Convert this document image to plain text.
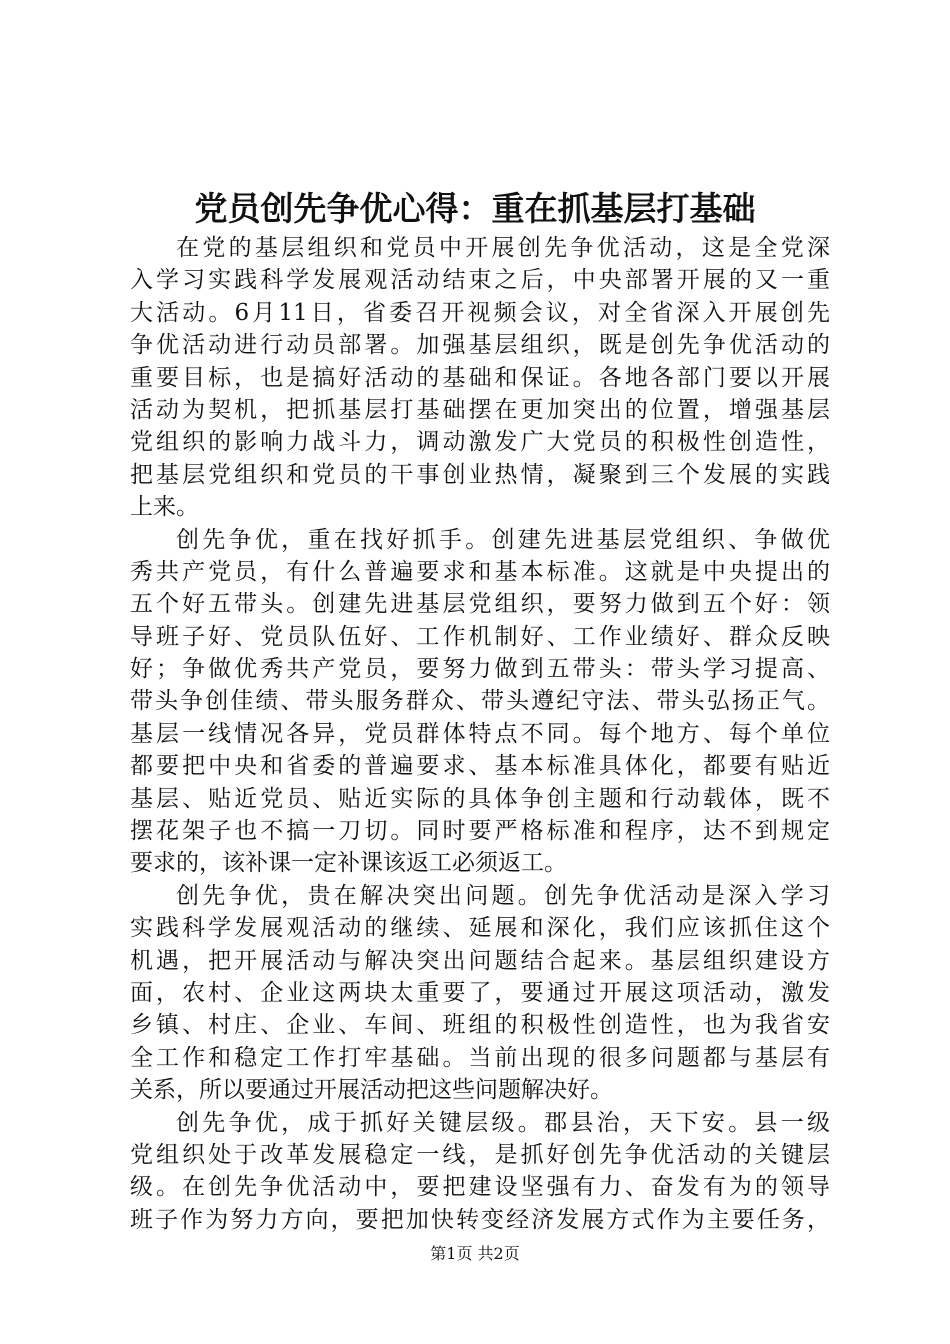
党员创先争优心得：重在抓基层打基础
在党的基层组织和党员中开展创先争优活动，这是全党深
入学习实践科学发展观活动结束之后，中央部署开展的又一重
大活动。6月11日，省委召开视频会议，对全省深入开展创先
争优活动进行动员部署。加强基层组织，既是创先争优活动的
重要目标，也是搞好活动的基础和保证。各地各部门要以开展
活动为契机，把抓基层打基础摆在更加突出的位置，增强基层
党组织的影响力战斗力，调动激发广大党员的积极性创造性，
把基层党组织和党员的干事创业热情，凝聚到三个发展的实践
上来。
创先争优，重在找好抓手。创建先进基层党组织、争做优
秀共产党员，有什么普遍要求和基本标准。这就是中央提出的
五个好五带头。创建先进基层党组织，要努力做到五个好：领
导班子好、党员队伍好、工作机制好、工作业绩好、群众反映
好；争做优秀共产党员，要努力做到五带头：带头学习提高、
带头争创佳绩、带头服务群众、带头遵纪守法、带头弘扬正气。
基层一线情况各异，党员群体特点不同。每个地方、每个单位
都要把中央和省委的普遍要求、基本标准具体化，都要有贴近
基层、贴近党员、贴近实际的具体争创主题和行动载体，既不
摆花架子也不搞一刀切。同时要严格标准和程序，达不到规定
要求的，该补课一定补课该返工必须返工。
创先争优，贵在解决突出问题。创先争优活动是深入学习
实践科学发展观活动的继续、延展和深化，我们应该抓住这个
机遇，把开展活动与解决突出问题结合起来。基层组织建设方
面，农村、企业这两块太重要了，要通过开展这项活动，激发
乡镇、村庄、企业、车间、班组的积极性创造性，也为我省安
全工作和稳定工作打牢基础。当前出现的很多问题都与基层有
关系，所以要通过开展活动把这些问题解决好。
创先争优，成于抓好关键层级。郡县治，天下安。县一级
党组织处于改革发展稳定一线，是抓好创先争优活动的关键层
级。在创先争优活动中，要把建设坚强有力、奋发有为的领导
班子作为努力方向，要把加快转变经济发展方式作为主要任务，
第1页 共2页
